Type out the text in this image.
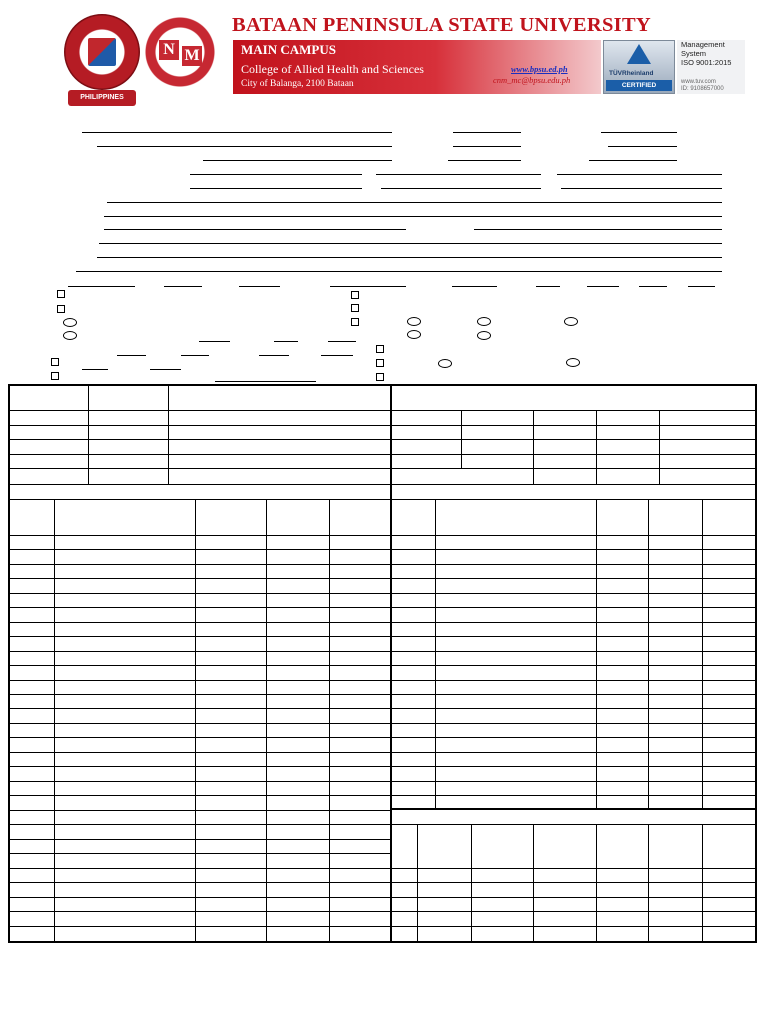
PHILIPPINES
N M
BATAAN PENINSULA STATE UNIVERSITY
MAIN CAMPUS
College of Allied Health and Sciences
City of Balanga, 2100 Bataan
www.bpsu.ed.ph
cnm_mc@bpsu.edu.ph
TÜVRheinland
CERTIFIED
Management
System
ISO 9001:2015
www.tuv.com
ID: 9108657000
